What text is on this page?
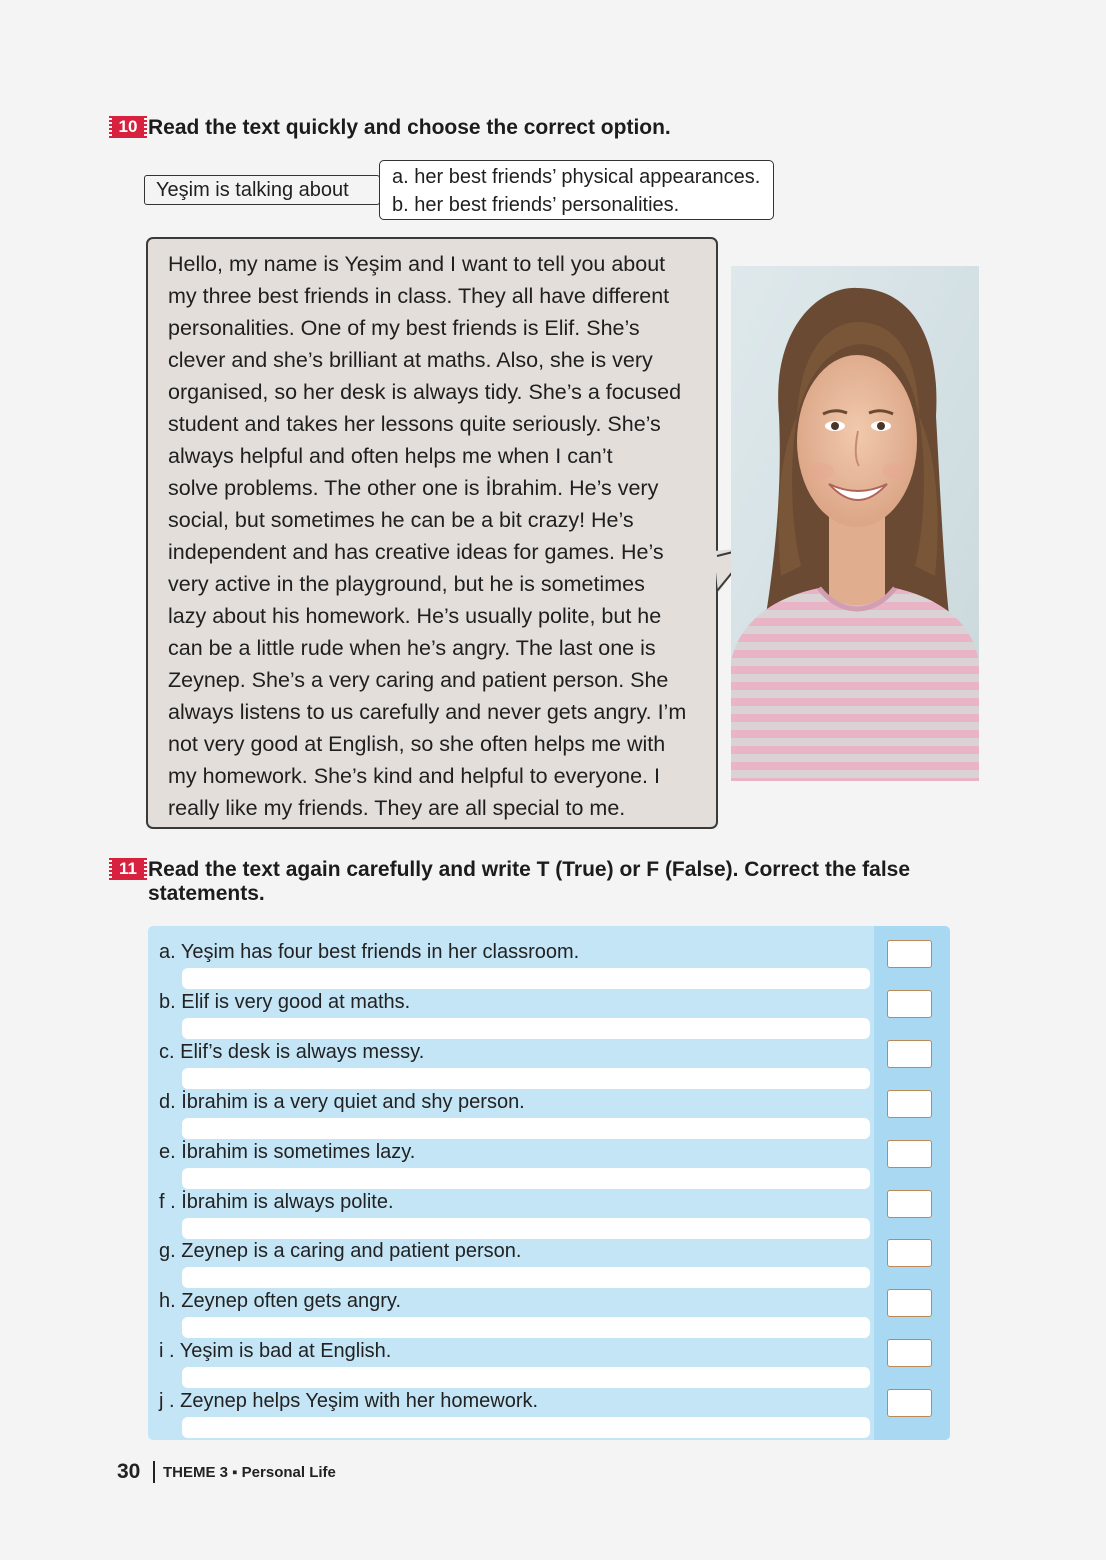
10 Read the text quickly and choose the correct option.
Yeşim is talking about
a. her best friends’ physical appearances.
b. her best friends’ personalities.
Hello, my name is Yeşim and I want to tell you about
my three best friends in class. They all have different
personalities. One of my best friends is Elif. She’s
clever and she’s brilliant at maths. Also, she is very
organised, so her desk is always tidy. She’s a focused
student and takes her lessons quite seriously. She’s
always helpful and often helps me when I can’t
solve problems. The other one is İbrahim. He’s very
social, but sometimes he can be a bit crazy! He’s
independent and has creative ideas for games. He’s
very active in the playground, but he is sometimes
lazy about his homework. He’s usually polite, but he
can be a little rude when he’s angry. The last one is
Zeynep. She’s a very caring and patient person. She
always listens to us carefully and never gets angry. I’m
not very good at English, so she often helps me with
my homework. She’s kind and helpful to everyone. I
really like my friends. They are all special to me.
11 Read the text again carefully and write T (True) or F (False). Correct the false statements.
a. Yeşim has four best friends in her classroom.
b. Elif is very good at maths.
c. Elif’s desk is always messy.
d. İbrahim is a very quiet and shy person.
e. İbrahim is sometimes lazy.
f . İbrahim is always polite.
g. Zeynep is a caring and patient person.
h. Zeynep often gets angry.
i . Yeşim is bad at English.
j . Zeynep helps Yeşim with her homework.
30 THEME 3 ▪ Personal Life
